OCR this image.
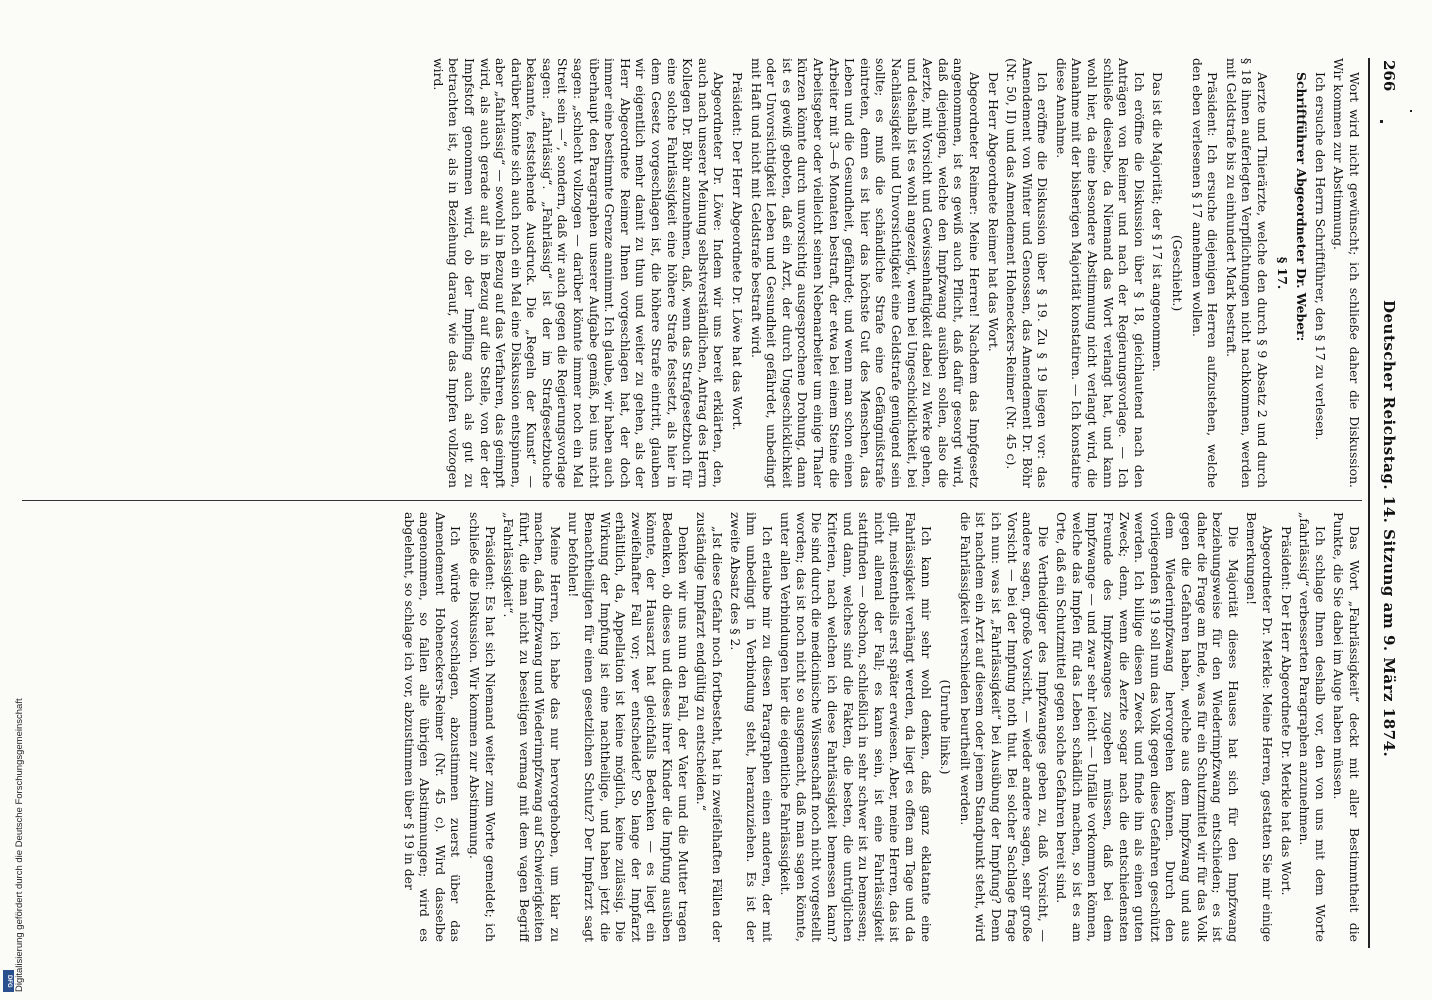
266
Deutscher Reichstag. 14. Sitzung am 9. März 1874.

Wort wird nicht gewünscht; ich schließe daher die Diskussion. Wir kommen zur Abstimmung.

Ich ersuche den Herrn Schriftführer, den § 17 zu verlesen.

Schriftführer Abgeordneter Dr. Weber:

§ 17.

Aerzte und Thierärzte, welche den durch § 9 Absatz 2 und durch § 18 ihnen auferlegten Verpflichtungen nicht nachkommen, werden mit Geldstrafe bis zu einhundert Mark bestraft.

Präsident: Ich ersuche diejenigen Herren aufzustehen, welche den eben verlesenen § 17 annehmen wollen.

(Geschieht.)

Das ist die Majorität; der § 17 ist angenommen.

Ich eröffne die Diskussion über § 18, gleichlautend nach den Anträgen von Reimer und nach der Regierungsvorlage. — Ich schließe dieselbe, da Niemand das Wort verlangt hat, und kann wohl hier, da eine besondere Abstimmung nicht verlangt wird, die Annahme mit der bisherigen Majorität konstatiren. — Ich konstatire diese Annahme.

Ich eröffne die Diskussion über § 19. Zu § 19 liegen vor: das Amendement von Winter und Genossen, das Amendement Dr. Böhr (Nr. 50, II) und das Amendement Hoheneckers-Reimer (Nr. 45 c).

Der Herr Abgeordnete Reimer hat das Wort.

Abgeordneter Reimer: Meine Herren! Nachdem das Impfgesetz angenommen, ist es gewiß auch Pflicht, daß dafür gesorgt wird, daß diejenigen, welche den Impfzwang ausüben sollen, also die Aerzte, mit Vorsicht und Gewissenhaftigkeit dabei zu Werke gehen, und deshalb ist es wohl angezeigt, wenn bei Ungeschicklichkeit, bei Nachlässigkeit und Unvorsichtigkeit eine Geldstrafe genügend sein sollte; es muß die schändliche Strafe eine Gefängnißstrafe eintreten, denn es ist hier das höchste Gut des Menschen, das Leben und die Gesundheit, gefährdet; und wenn man schon einen Arbeiter mit 3—6 Monaten bestraft, der etwa bei einem Steine die Arbeitsgeber oder vielleicht seinen Nebenarbeiter um einige Thaler kürzen könnte durch unvorsichtig ausgesprochene Drohung, dann ist es gewiß geboten, daß ein Arzt, der durch Ungeschicklichkeit oder Unvorsichtigkeit Leben und Gesundheit gefährdet, unbedingt mit Haft und nicht mit Geldstrafe bestraft wird.

Präsident: Der Herr Abgeordnete Dr. Löwe hat das Wort.

Abgeordneter Dr. Löwe: Indem wir uns bereit erklärten, den, auch nach unserer Meinung selbstverständlichen, Antrag des Herrn Kollegen Dr. Böhr anzunehmen, daß, wenn das Strafgesetzbuch für eine solche Fahrlässigkeit eine höhere Strafe festsetzt, als hier in dem Gesetz vorgeschlagen ist, die höhere Strafe eintritt, glauben wir eigentlich mehr damit zu thun und weiter zu gehen, als der Herr Abgeordnete Reimer Ihnen vorgeschlagen hat, der doch immer eine bestimmte Grenze annimmt. Ich glaube, wir haben auch überhaupt den Paragraphen unserer Aufgabe gemäß, bei uns nicht sagen: „schlecht vollzogen — darüber könnte immer noch ein Mal Streit sein —“, sondern, daß wir auch gegen die Regierungsvorlage sagen: „fahrlässig“. „Fahrlässig“ ist der im Strafgesetzbuche bekannte, feststehende Ausdruck. Die „Regeln der Kunst“ — darüber könnte sich auch noch ein Mal eine Diskussion entspinnen, aber „fahrlässig“ — sowohl in Bezug auf das Verfahren, das geimpft wird, als auch gerade auf als in Bezug auf die Stelle, von der der Impfstoff genommen wird, ob der Impfling auch als gut zu betrachten ist, als in Beziehung darauf, wie das Impfen vollzogen wird.

Das Wort „Fahrlässigkeit“ deckt mit aller Bestimmtheit die Punkte, die Sie dabei im Auge haben müssen.

Ich schlage Ihnen deshalb vor, den von uns mit dem Worte „fahrlässig“ verbesserten Paragraphen anzunehmen.

Präsident: Der Herr Abgeordnete Dr. Merkle hat das Wort.

Abgeordneter Dr. Merkle: Meine Herren, gestatten Sie mir einige Bemerkungen!

Die Majorität dieses Hauses hat sich für den Impfzwang beziehungsweise für den Wiederimpfzwang entschieden; es ist daher die Frage am Ende, was für ein Schutzmittel wir für das Volk gegen die Gefahren haben, welche aus dem Impfzwang und aus dem Wiederimpfzwang hervorgehen können. Durch den vorliegenden § 19 soll nun das Volk gegen diese Gefahren geschützt werden. Ich billige diesen Zweck und finde ihn als einen guten Zweck; denn, wenn die Aerzte sogar nach die entschiedensten Freunde des Impfzwanges zugeben müssen, daß bei dem Impfzwange — und zwar sehr leicht — Unfälle vorkommen können, welche das Impfen für das Leben schädlich machen, so ist es am Orte, daß ein Schutzmittel gegen solche Gefahren bereit sind.

Die Vertheidiger des Impfzwanges geben zu, daß Vorsicht, — andere sagen, große Vorsicht, — wieder andere sagen, sehr große Vorsicht — bei der Impfung noth thut. Bei solcher Sachlage frage ich nun: was ist „Fahrlässigkeit“ bei Ausübung der Impfung? Denn ist nachdem ein Arzt auf diesem oder jenem Standpunkt steht, wird die Fahrlässigkeit verschieden beurtheilt werden.

(Unruhe links.)

Ich kann mir sehr wohl denken, daß ganz eklatante eine Fahrlässigkeit verhängt werden, da liegt es offen am Tage und da gilt, meistentheils erst später erwiesen. Aber, meine Herren, das ist nicht allemal der Fall; es kann sein, ist eine Fahrlässigkeit stattfinden — obschon, schließlich in sehr schwer ist zu bemessen; und dann, welches sind die Fakten, die besten, die untrüglichen Kriterien, nach welchen ich diese Fahrlässigkeit bemessen kann? Die sind durch die medicinische Wissenschaft noch nicht vorgestellt worden; das ist noch nicht so ausgemacht, daß man sagen könnte, unter allen Verbindungen hier die eigentliche Fahrlässigkeit.

Ich erlaube mir zu diesen Paragraphen einen anderen, der mit ihm unbedingt in Verbindung steht, heranzuziehen. Es ist der zweite Absatz des § 2.

„Ist diese Gefahr noch fortbesteht, hat in zweifelhaften Fällen der zuständige Impfarzt endgültig zu entscheiden.“

Denken wir uns nun den Fall, der Vater und die Mutter tragen Bedenken, ob dieses und dieses ihrer Kinder die Impfung ausüben könnte, der Hausarzt hat gleichfalls Bedenken — es liegt ein zweifelhafter Fall vor; wer entscheidet? So lange der Impfarzt erhältlich, da, Appellation ist keine möglich, keine zulässig. Die Wirkung der Impfung ist eine nachtheilige, und haben jetzt die Benachtheiligten für einen gesetzlichen Schutz? Der Impfarzt sagt nur befohlen!

Meine Herren, ich habe das nur hervorgehoben, um klar zu machen, daß Impfzwang und Wiederimpfzwang auf Schwierigkeiten führt, die man nicht zu beseitigen vermag mit dem vagen Begriff „Fahrlässigkeit“.

Präsident: Es hat sich Niemand weiter zum Worte gemeldet; ich schließe die Diskussion. Wir kommen zur Abstimmung.

Ich würde vorschlagen, abzustimmen zuerst über das Amendement Hoheneckers-Reimer (Nr. 45 c). Wird dasselbe angenommen, so fallen alle übrigen Abstimmungen; wird es abgelehnt, so schlage ich vor, abzustimmen über § 19 in der

Digitalisierung gefördert durch die Deutsche Forschungsgemeinschaft
DFG
